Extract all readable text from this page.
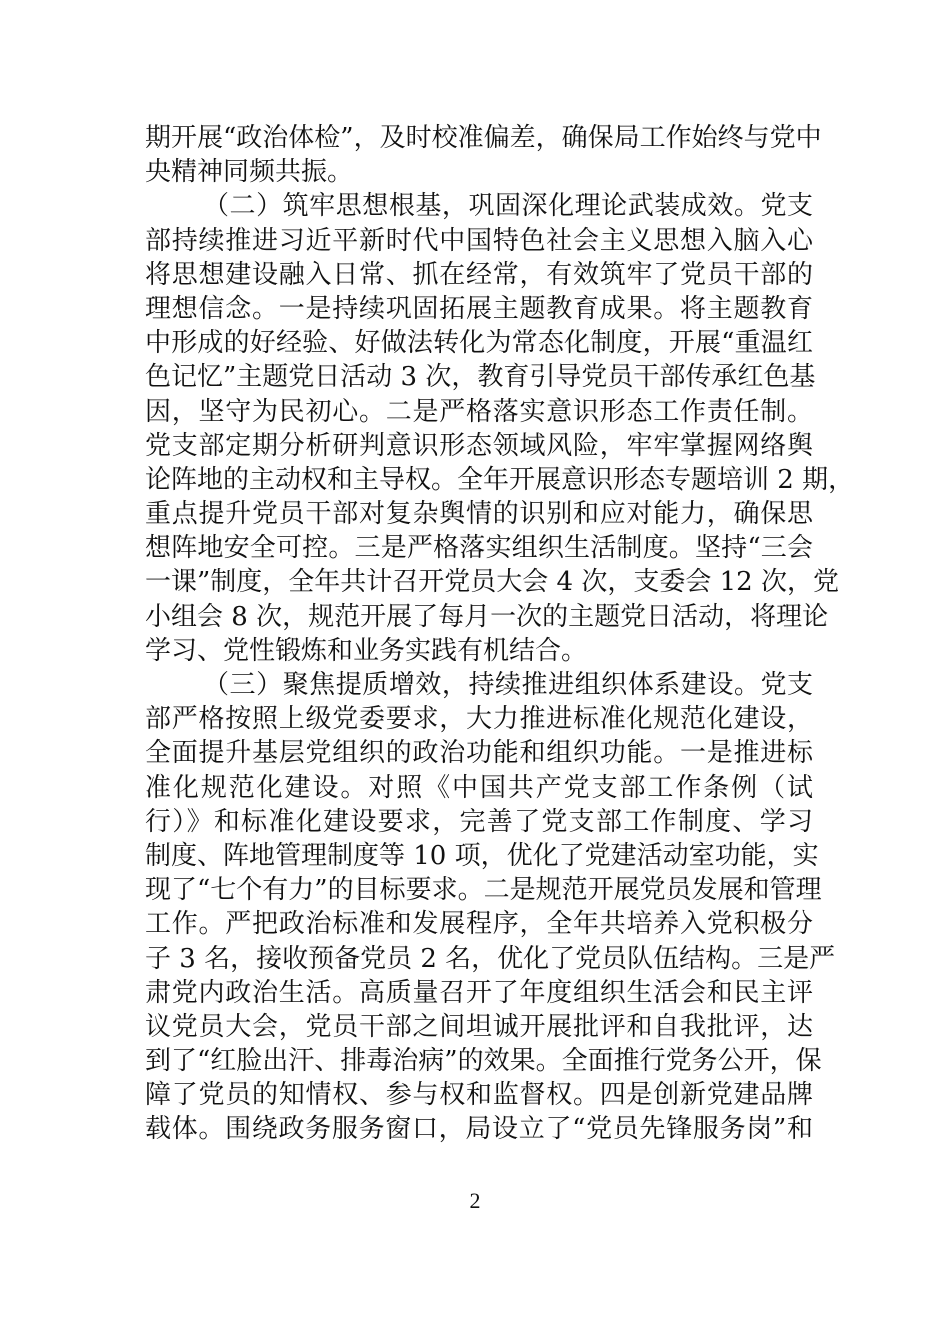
期开展“政治体检”，及时校准偏差，确保局工作始终与党中
央精神同频共振。
（二）筑牢思想根基，巩固深化理论武装成效。党支
部持续推进习近平新时代中国特色社会主义思想入脑入心
将思想建设融入日常、抓在经常，有效筑牢了党员干部的
理想信念。一是持续巩固拓展主题教育成果。将主题教育
中形成的好经验、好做法转化为常态化制度，开展“重温红
色记忆”主题党日活动 3 次，教育引导党员干部传承红色基
因，坚守为民初心。二是严格落实意识形态工作责任制。
党支部定期分析研判意识形态领域风险，牢牢掌握网络舆
论阵地的主动权和主导权。全年开展意识形态专题培训 2 期，
重点提升党员干部对复杂舆情的识别和应对能力，确保思
想阵地安全可控。三是严格落实组织生活制度。坚持“三会
一课”制度，全年共计召开党员大会 4 次，支委会 12 次，党
小组会 8 次，规范开展了每月一次的主题党日活动，将理论
学习、党性锻炼和业务实践有机结合。
（三）聚焦提质增效，持续推进组织体系建设。党支
部严格按照上级党委要求，大力推进标准化规范化建设，
全面提升基层党组织的政治功能和组织功能。一是推进标
准化规范化建设。对照《中国共产党支部工作条例（试
行）》和标准化建设要求，完善了党支部工作制度、学习
制度、阵地管理制度等 10 项，优化了党建活动室功能，实
现了“七个有力”的目标要求。二是规范开展党员发展和管理
工作。严把政治标准和发展程序，全年共培养入党积极分
子 3 名，接收预备党员 2 名，优化了党员队伍结构。三是严
肃党内政治生活。高质量召开了年度组织生活会和民主评
议党员大会，党员干部之间坦诚开展批评和自我批评，达
到了“红脸出汗、排毒治病”的效果。全面推行党务公开，保
障了党员的知情权、参与权和监督权。四是创新党建品牌
载体。围绕政务服务窗口，局设立了“党员先锋服务岗”和
2
